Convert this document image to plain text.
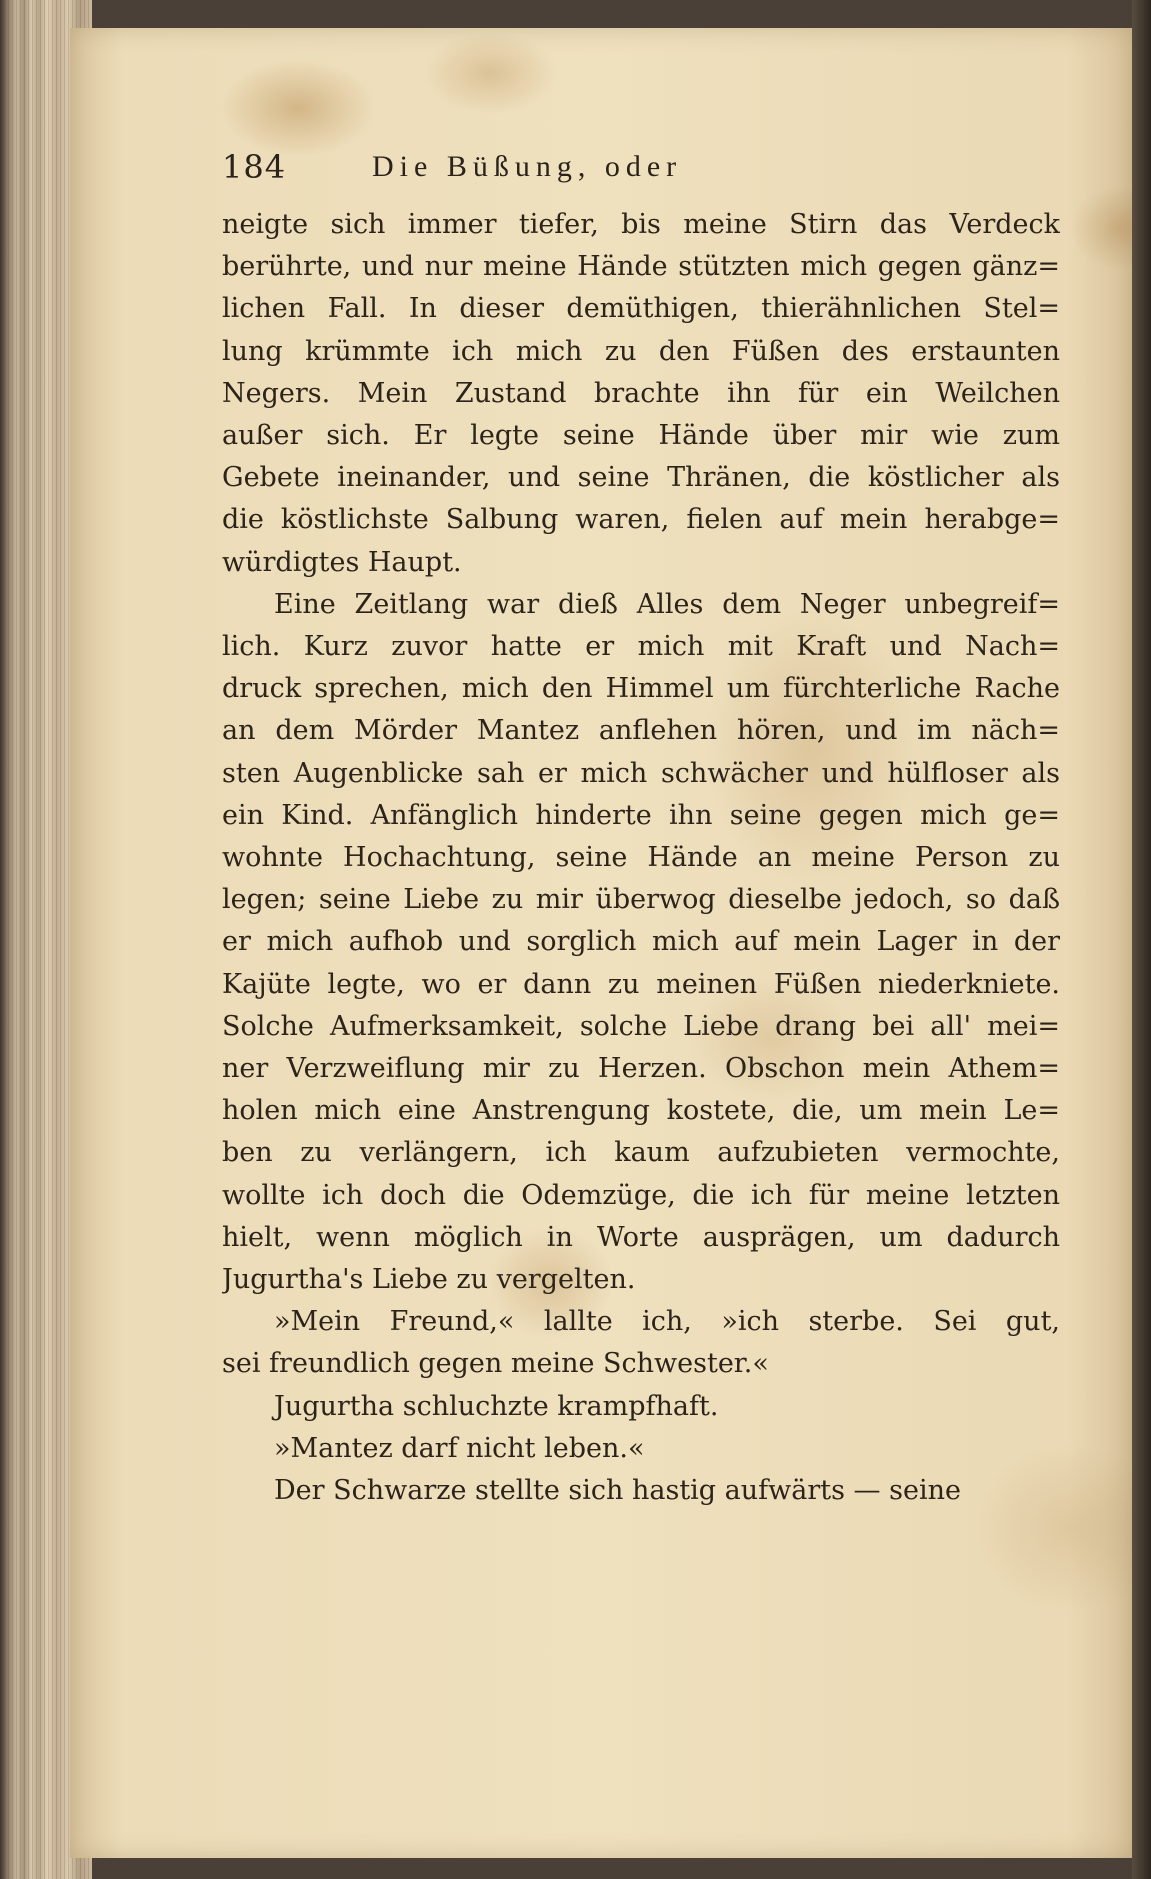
184	Die Büßung, oder
neigte sich immer tiefer, bis meine Stirn das Verdeck
berührte, und nur meine Hände stützten mich gegen gänz=
lichen Fall. In dieser demüthigen, thierähnlichen Stel=
lung krümmte ich mich zu den Füßen des erstaunten
Negers. Mein Zustand brachte ihn für ein Weilchen
außer sich. Er legte seine Hände über mir wie zum
Gebete ineinander, und seine Thränen, die köstlicher als
die köstlichste Salbung waren, fielen auf mein herabge=
würdigtes Haupt.
Eine Zeitlang war dieß Alles dem Neger unbegreif=
lich. Kurz zuvor hatte er mich mit Kraft und Nach=
druck sprechen, mich den Himmel um fürchterliche Rache
an dem Mörder Mantez anflehen hören, und im näch=
sten Augenblicke sah er mich schwächer und hülfloser als
ein Kind. Anfänglich hinderte ihn seine gegen mich ge=
wohnte Hochachtung, seine Hände an meine Person zu
legen; seine Liebe zu mir überwog dieselbe jedoch, so daß
er mich aufhob und sorglich mich auf mein Lager in der
Kajüte legte, wo er dann zu meinen Füßen niederkniete.
Solche Aufmerksamkeit, solche Liebe drang bei all' mei=
ner Verzweiflung mir zu Herzen. Obschon mein Athem=
holen mich eine Anstrengung kostete, die, um mein Le=
ben zu verlängern, ich kaum aufzubieten vermochte,
wollte ich doch die Odemzüge, die ich für meine letzten
hielt, wenn möglich in Worte ausprägen, um dadurch
Jugurtha's Liebe zu vergelten.
»Mein Freund,« lallte ich, »ich sterbe. Sei gut,
sei freundlich gegen meine Schwester.«
Jugurtha schluchzte krampfhaft.
»Mantez darf nicht leben.«
Der Schwarze stellte sich hastig aufwärts — seine
